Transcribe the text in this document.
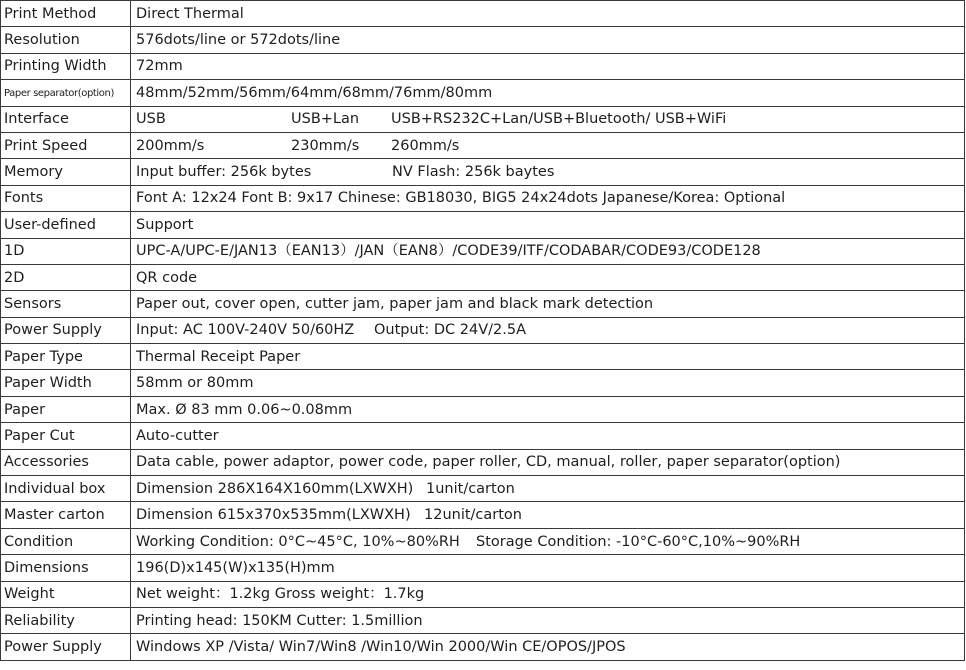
Print Method	Direct Thermal
Resolution	576dots/line or 572dots/line
Printing Width	72mm
Paper separator(option)	48mm/52mm/56mm/64mm/68mm/76mm/80mm
Interface	USB USB+Lan USB+RS232C+Lan/USB+Bluetooth/ USB+WiFi
Print Speed	200mm/s 230mm/s 260mm/s
Memory	Input buffer: 256k bytes NV Flash: 256k baytes
Fonts	Font A: 12x24 Font B: 9x17 Chinese: GB18030, BIG5 24x24dots Japanese/Korea: Optional
User-defined	Support
1D	UPC-A/UPC-E/JAN13（EAN13）/JAN（EAN8）/CODE39/ITF/CODABAR/CODE93/CODE128
2D	QR code
Sensors	Paper out, cover open, cutter jam, paper jam and black mark detection
Power Supply	Input: AC 100V-240V 50/60HZ Output: DC 24V/2.5A
Paper Type	Thermal Receipt Paper
Paper Width	58mm or 80mm
Paper	Max. Ø 83 mm 0.06~0.08mm
Paper Cut	Auto-cutter
Accessories	Data cable, power adaptor, power code, paper roller, CD, manual, roller, paper separator(option)
Individual box	Dimension 286X164X160mm(LXWXH) 1unit/carton
Master carton	Dimension 615x370x535mm(LXWXH) 12unit/carton
Condition	Working Condition: 0°C~45°C, 10%~80%RH Storage Condition: -10°C-60°C,10%~90%RH
Dimensions	196(D)x145(W)x135(H)mm
Weight	Net weight：1.2kg Gross weight：1.7kg
Reliability	Printing head: 150KM Cutter: 1.5million
Power Supply	Windows XP /Vista/ Win7/Win8 /Win10/Win 2000/Win CE/OPOS/JPOS
